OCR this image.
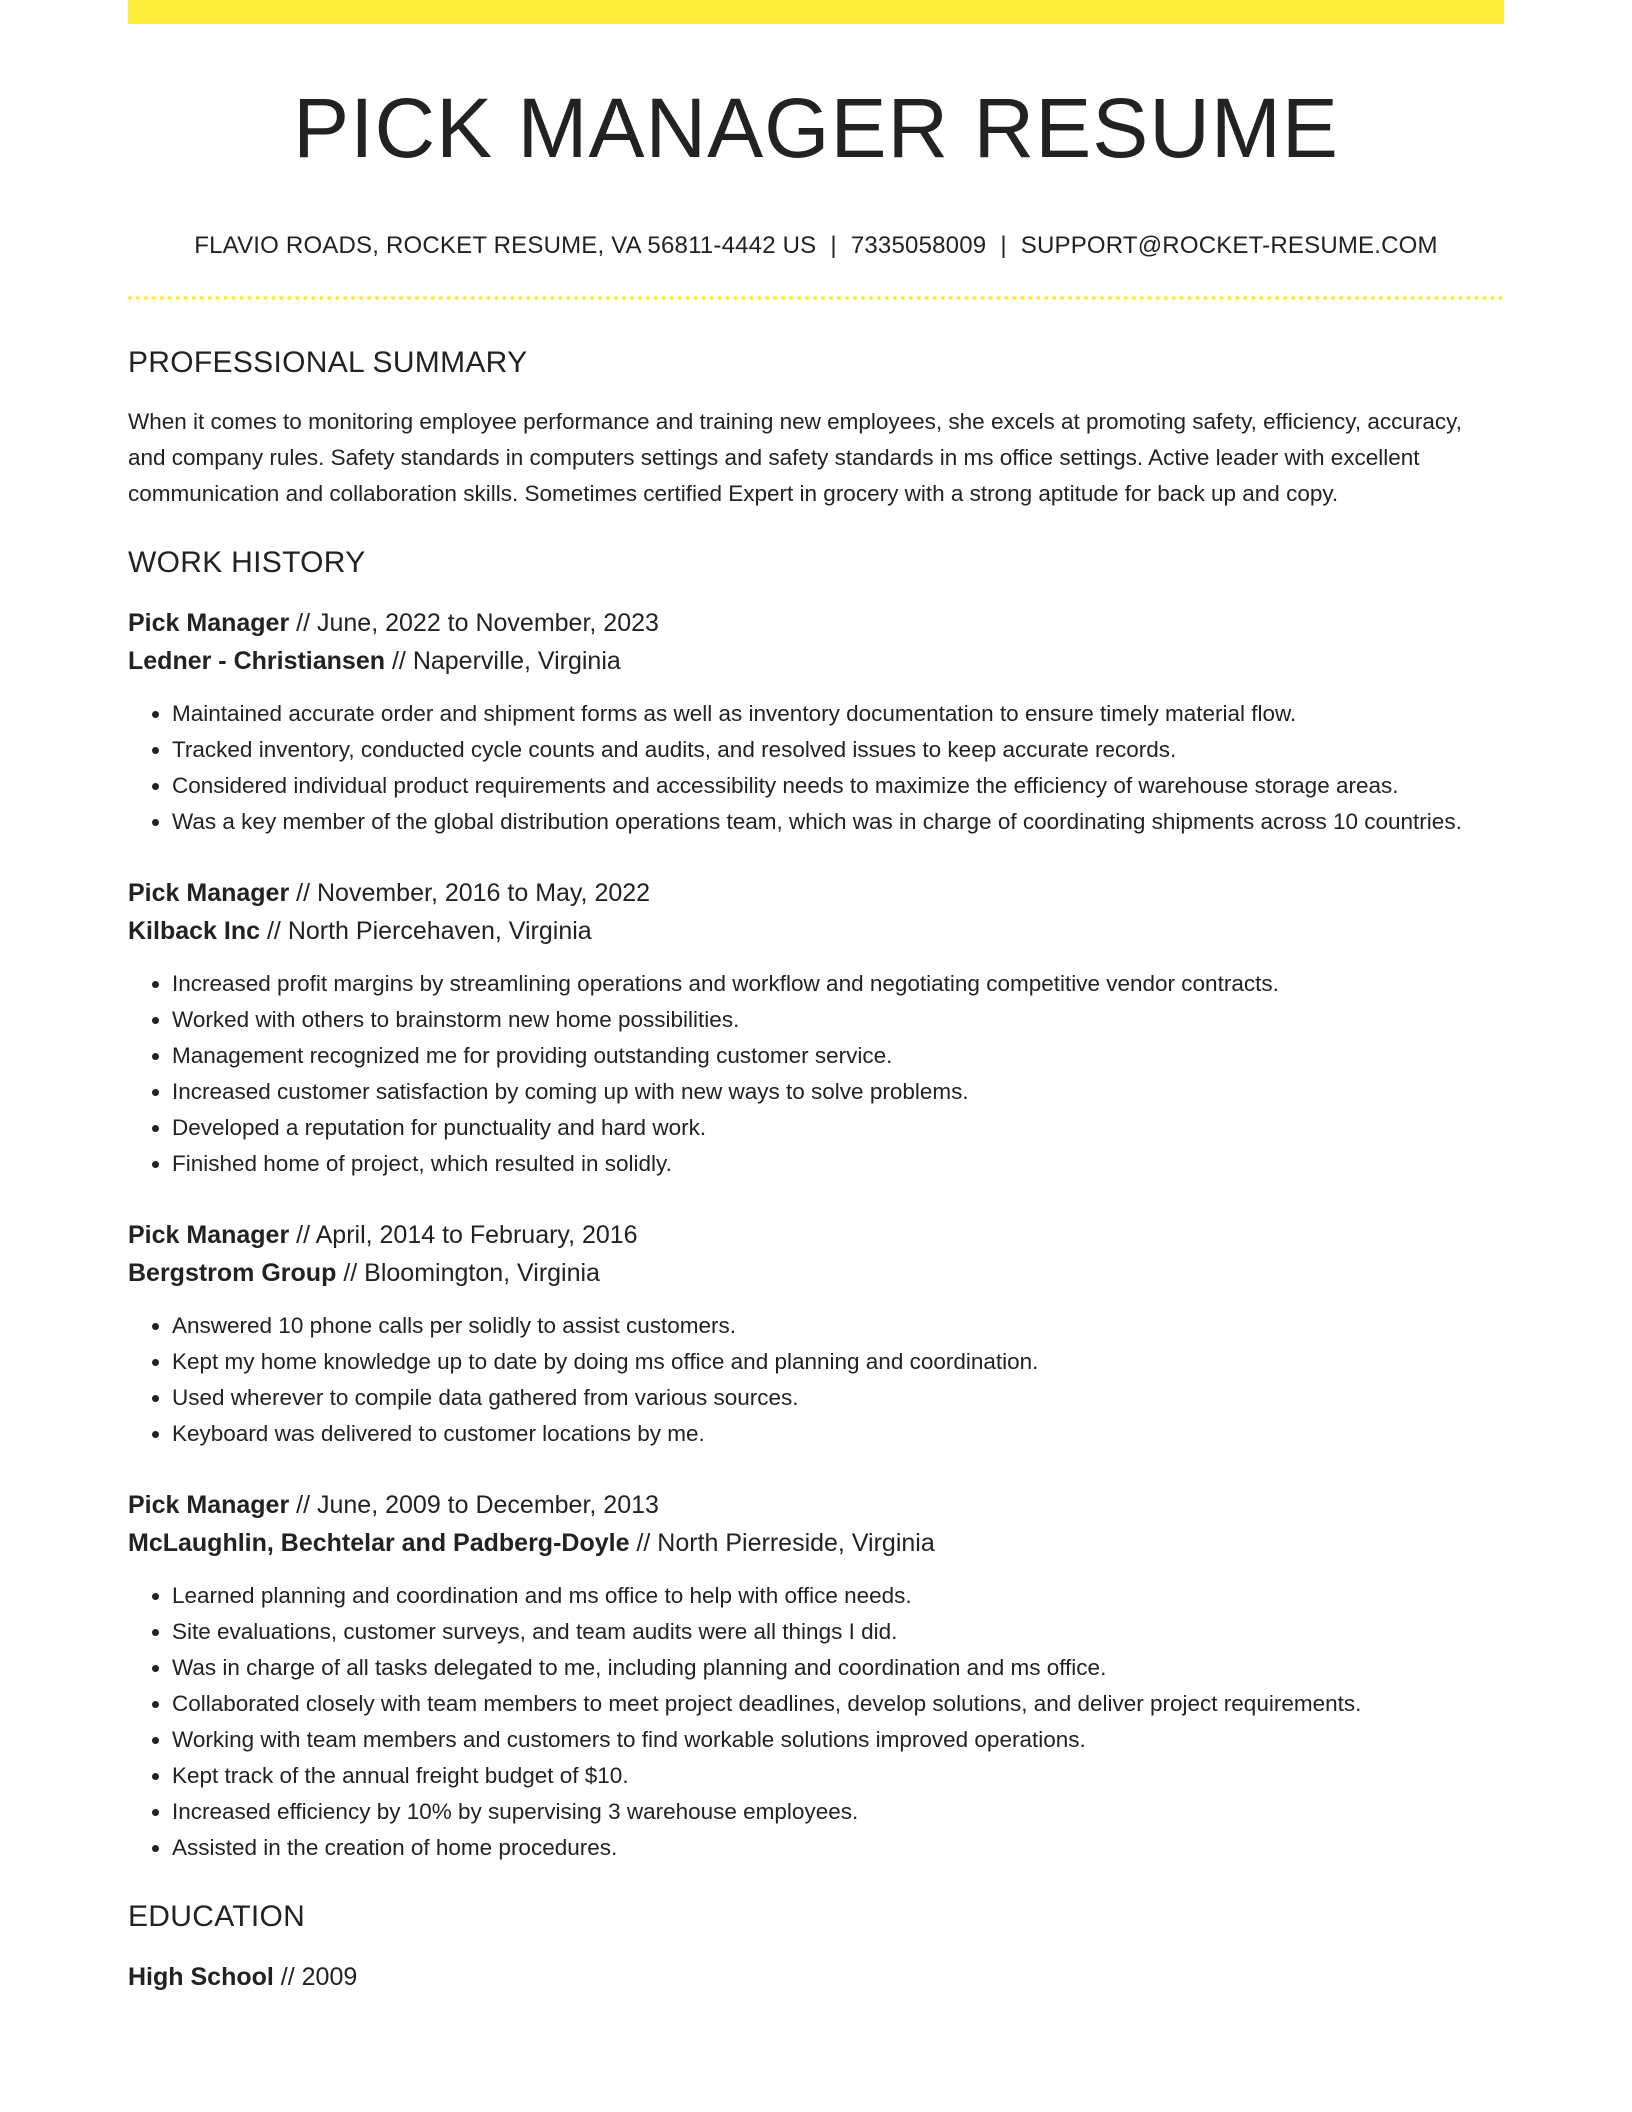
PICK MANAGER RESUME
FLAVIO ROADS, ROCKET RESUME, VA 56811-4442 US | 7335058009 | SUPPORT@ROCKET-RESUME.COM
PROFESSIONAL SUMMARY
When it comes to monitoring employee performance and training new employees, she excels at promoting safety, efficiency, accuracy, and company rules. Safety standards in computers settings and safety standards in ms office settings. Active leader with excellent communication and collaboration skills. Sometimes certified Expert in grocery with a strong aptitude for back up and copy.
WORK HISTORY
Pick Manager // June, 2022 to November, 2023
Ledner - Christiansen // Naperville, Virginia
• Maintained accurate order and shipment forms as well as inventory documentation to ensure timely material flow.
• Tracked inventory, conducted cycle counts and audits, and resolved issues to keep accurate records.
• Considered individual product requirements and accessibility needs to maximize the efficiency of warehouse storage areas.
• Was a key member of the global distribution operations team, which was in charge of coordinating shipments across 10 countries.
Pick Manager // November, 2016 to May, 2022
Kilback Inc // North Piercehaven, Virginia
• Increased profit margins by streamlining operations and workflow and negotiating competitive vendor contracts.
• Worked with others to brainstorm new home possibilities.
• Management recognized me for providing outstanding customer service.
• Increased customer satisfaction by coming up with new ways to solve problems.
• Developed a reputation for punctuality and hard work.
• Finished home of project, which resulted in solidly.
Pick Manager // April, 2014 to February, 2016
Bergstrom Group // Bloomington, Virginia
• Answered 10 phone calls per solidly to assist customers.
• Kept my home knowledge up to date by doing ms office and planning and coordination.
• Used wherever to compile data gathered from various sources.
• Keyboard was delivered to customer locations by me.
Pick Manager // June, 2009 to December, 2013
McLaughlin, Bechtelar and Padberg-Doyle // North Pierreside, Virginia
• Learned planning and coordination and ms office to help with office needs.
• Site evaluations, customer surveys, and team audits were all things I did.
• Was in charge of all tasks delegated to me, including planning and coordination and ms office.
• Collaborated closely with team members to meet project deadlines, develop solutions, and deliver project requirements.
• Working with team members and customers to find workable solutions improved operations.
• Kept track of the annual freight budget of $10.
• Increased efficiency by 10% by supervising 3 warehouse employees.
• Assisted in the creation of home procedures.
EDUCATION
High School // 2009
